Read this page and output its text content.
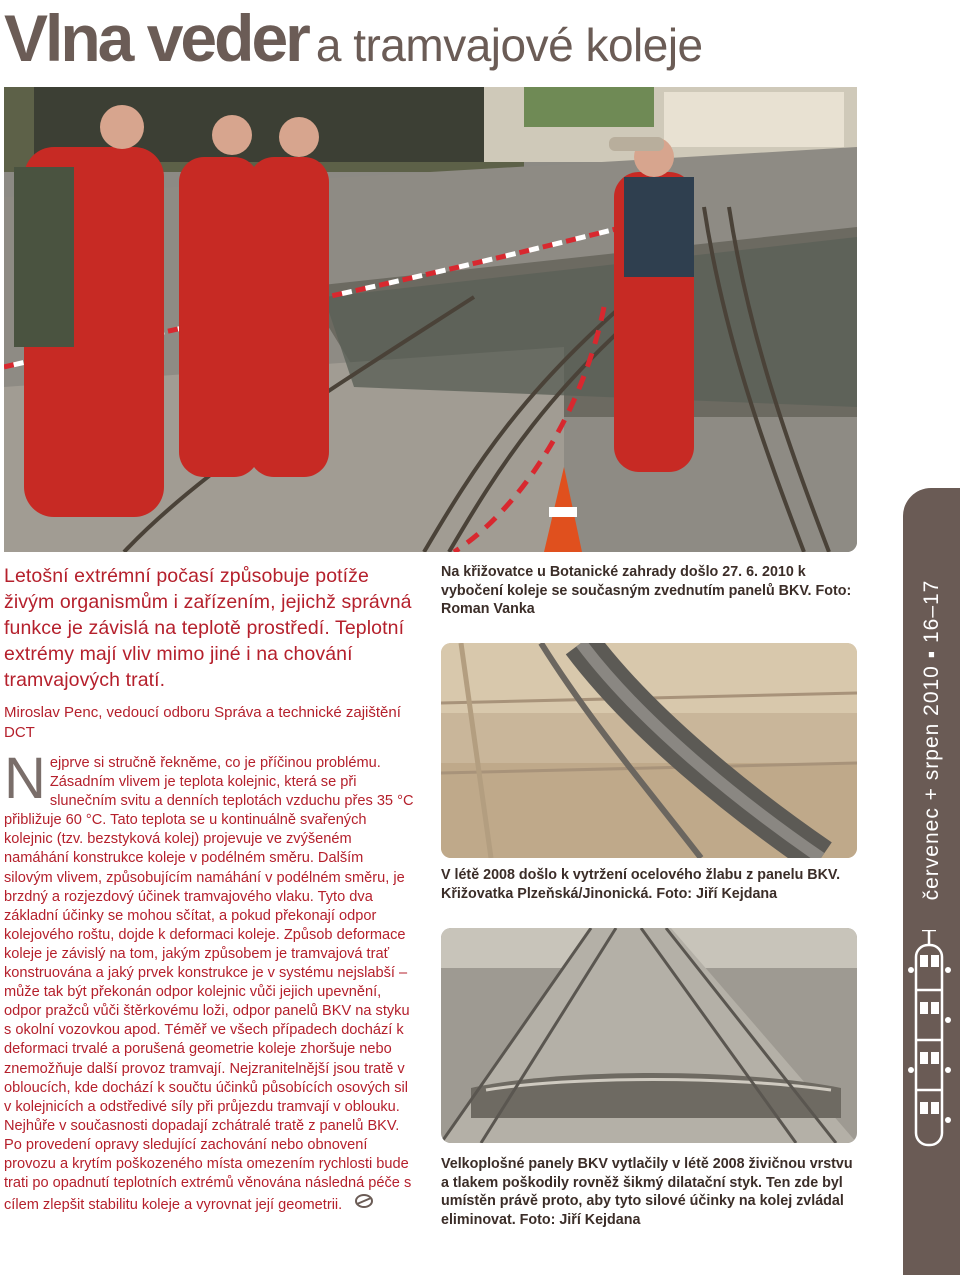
Vlna veder a tramvajové koleje
Letošní extrémní počasí způsobuje potíže živým organismům i zařízením, jejichž správná funkce je závislá na teplotě prostředí. Teplotní extrémy mají vliv mimo jiné i na chování tramvajových tratí.
Miroslav Penc, vedoucí odboru Správa a technické zajištění DCT
Nejprve si stručně řekněme, co je příčinou problému. Zásadním vlivem je teplota kolejnic, která se při slunečním svitu a denních teplotách vzduchu přes 35 °C přibližuje 60 °C. Tato teplota se u kontinuálně svařených kolejnic (tzv. bezstyková kolej) projevuje ve zvýšeném namáhání konstrukce koleje v podélném směru. Dalším silovým vlivem, způsobujícím namáhání v podélném směru, je brzdný a rozjezdový účinek tramvajového vlaku. Tyto dva základní účinky se mohou sčítat, a pokud překonají odpor kolejového roštu, dojde k deformaci koleje. Způsob deformace koleje je závislý na tom, jakým způsobem je tramvajová trať konstruována a jaký prvek konstrukce je v systému nejslabší – může tak být překonán odpor kolejnic vůči jejich upevnění, odpor pražců vůči štěrkovému loži, odpor panelů BKV na styku s okolní vozovkou apod. Téměř ve všech případech dochází k deformaci trvalé a porušená geometrie koleje zhoršuje nebo znemožňuje další provoz tramvají. Nejzranitelnější jsou tratě v obloucích, kde dochází k součtu účinků působících osových sil v kolejnicích a odstředivé síly při průjezdu tramvají v oblouku. Nejhůře v současnosti dopadají zchátralé tratě z panelů BKV. Po provedení opravy sledující zachování nebo obnovení provozu a krytím poškozeného místa omezením rychlosti bude trati po opadnutí teplotních extrémů věnována následná péče s cílem zlepšit stabilitu koleje a vyrovnat její geometrii.
Na křižovatce u Botanické zahrady došlo 27. 6. 2010 k vybočení koleje se současným zvednutím panelů BKV. Foto: Roman Vanka
V létě 2008 došlo k vytržení ocelového žlabu z panelu BKV. Křižovatka Plzeňská/Jinonická. Foto: Jiří Kejdana
Velkoplošné panely BKV vytlačily v létě 2008 živičnou vrstvu a tlakem poškodily rovněž šikmý dilatační styk. Ten zde byl umístěn právě proto, aby tyto silové účinky na kolej zvládal eliminovat. Foto: Jiří Kejdana
červenec + srpen 2010 ▪ 16–17
